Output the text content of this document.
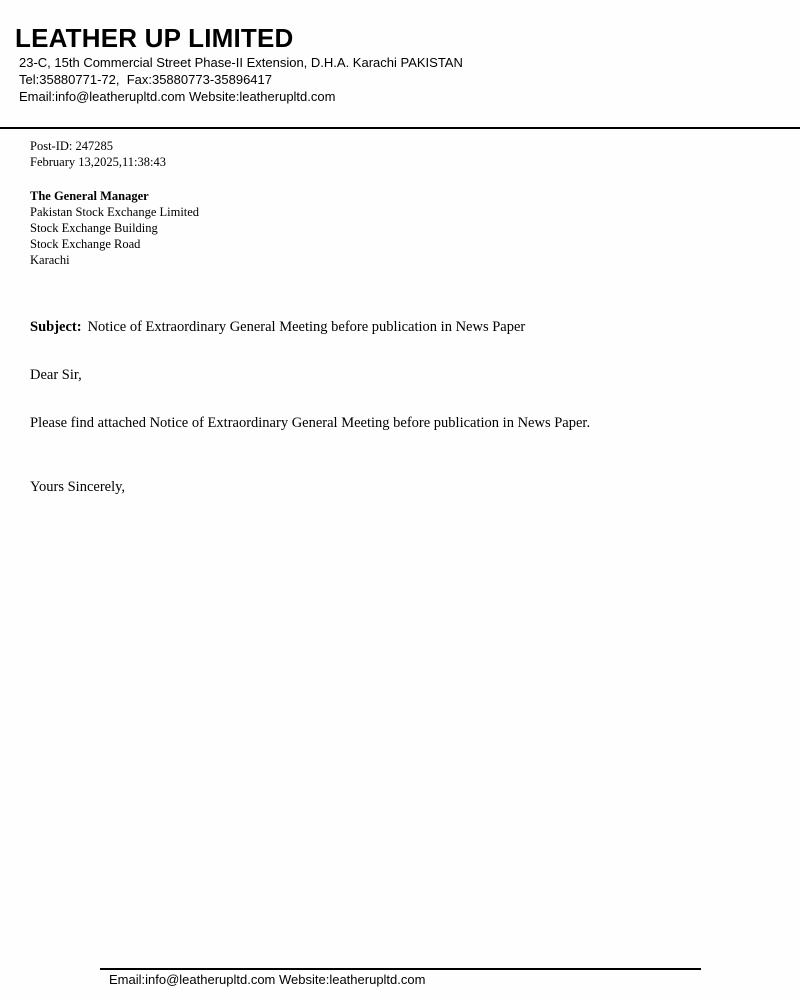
LEATHER UP LIMITED
23-C, 15th Commercial Street Phase-II Extension, D.H.A. Karachi PAKISTAN
Tel:35880771-72,  Fax:35880773-35896417
Email:info@leatherupltd.com Website:leatherupltd.com
Post-ID: 247285
February 13,2025,11:38:43
The General Manager
Pakistan Stock Exchange Limited
Stock Exchange Building
Stock Exchange Road
Karachi
Subject: Notice of Extraordinary General Meeting before publication in News Paper
Dear Sir,
Please find attached Notice of Extraordinary General Meeting before publication in News Paper.
Yours Sincerely,
Email:info@leatherupltd.com Website:leatherupltd.com
